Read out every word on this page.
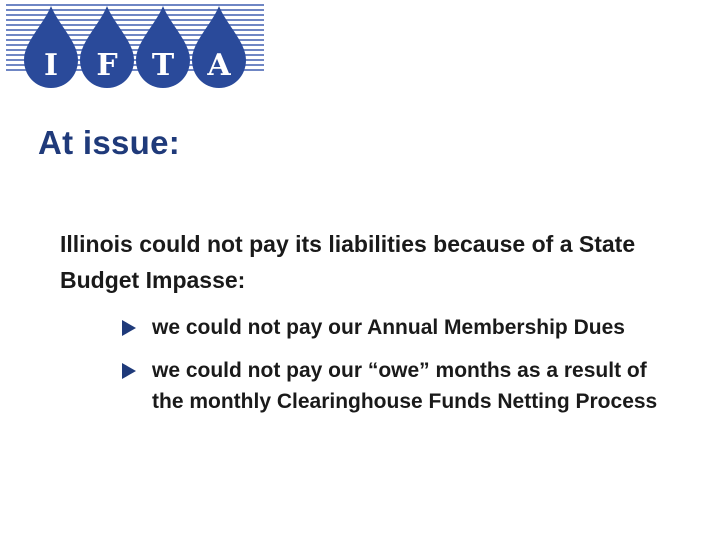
I F T A
At issue:

Illinois could not pay its liabilities because of a State Budget Impasse:

we could not pay our Annual Membership Dues
we could not pay our “owe” months as a result of the monthly Clearinghouse Funds Netting Process
